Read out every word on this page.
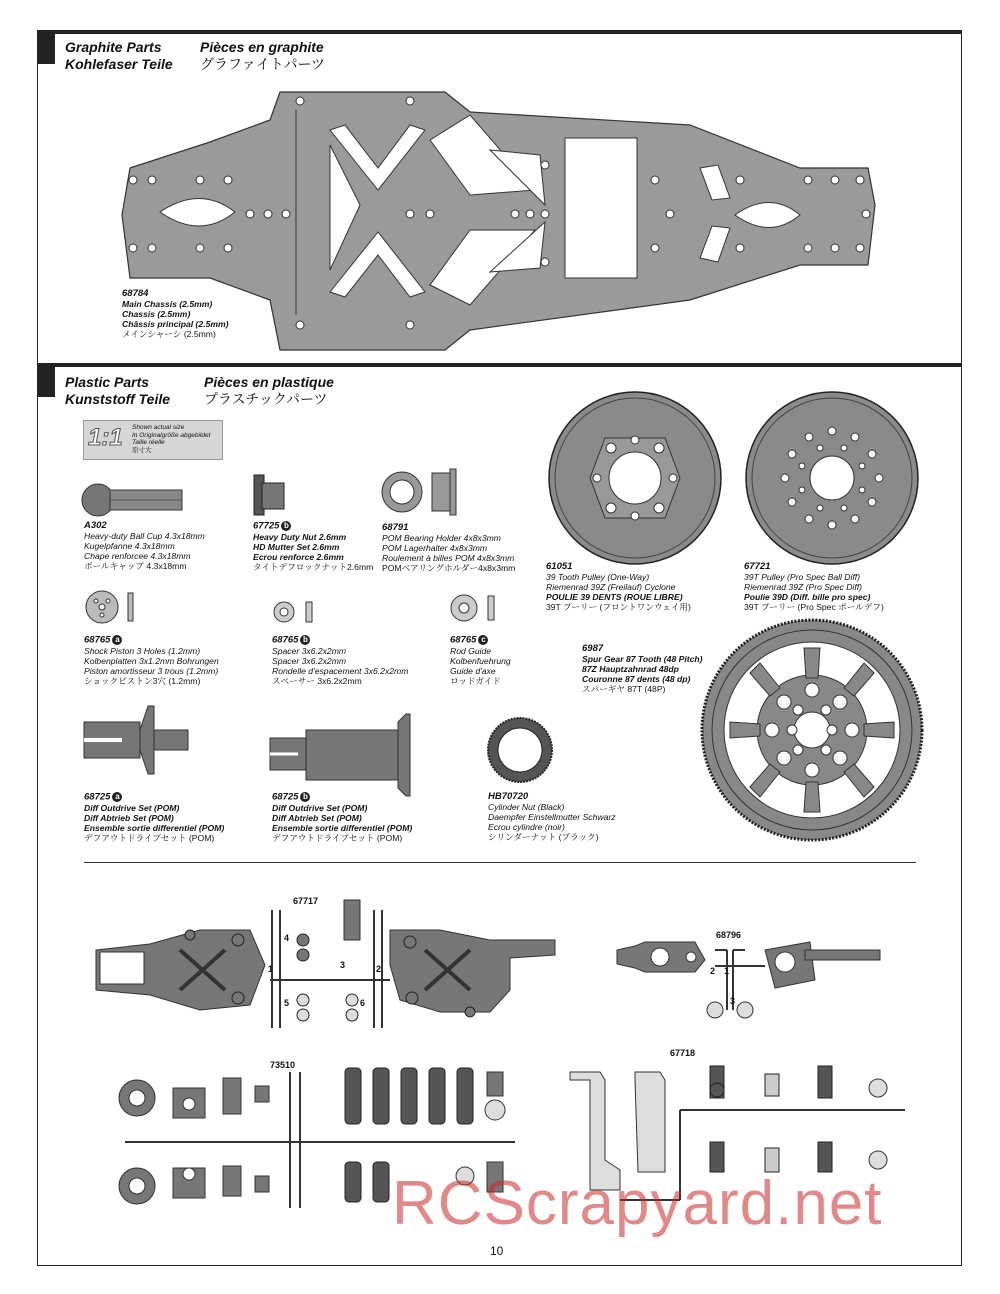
Graphite Parts	Pièces en graphite
Kohlefaser Teile グラファイトパーツ
68784
Main Chassis (2.5mm)
Chassis (2.5mm)
Châssis principal (2.5mm)
メインシャーシ (2.5mm)
Plastic Parts	Pièces en plastique
Kunststoff Teile プラスチックパーツ
1:1 Shown actual size
In Originalgröße abgebildet
Taille réelle
原寸大
A302
Heavy-duty Ball Cup 4.3x18mm
Kugelpfanne 4.3x18mm
Chape renforcee 4.3x18mm
ボールキャップ 4.3x18mm
67725 b
Heavy Duty Nut 2.6mm
HD Mutter Set 2.6mm
Ecrou renforce 2.6mm
タイトデフロックナット2.6mm
68791
POM Bearing Holder 4x8x3mm
POM Lagerhalter 4x8x3mm
Roulement à billes POM 4x8x3mm
POMベアリングホルダー4x8x3mm	61051
39 Tooth Pulley (One-Way)
Riemenrad 39Z (Freilauf) Cyclone
POULIE 39 DENTS (ROUE LIBRE)
39T プーリー (フロントワンウェイ用)
67721
39T Pulley (Pro Spec Ball Diff)
Riemenrad 39Z (Pro Spec Diff)
Poulie 39D (Diff. bille pro spec)
39T プーリー (Pro Spec ボールデフ)
68765 a
Shock Piston 3 Holes (1.2mm)
Kolbenplatten 3x1.2mm Bohrungen
Piston amortisseur 3 trous (1.2mm)
ショックピストン3穴 (1.2mm)
68765 b
Spacer 3x6.2x2mm
Spacer 3x6.2x2mm
Rondelle d'espacement 3x6.2x2mm
スペーサー 3x6.2x2mm
68765 c
Rod Guide
Kolbenfuehrung
Guide d'axe
ロッドガイド
6987
Spur Gear 87 Tooth (48 Pitch)
87Z Hauptzahnrad 48dp
Couronne 87 dents (48 dp)
スパーギヤ 87T (48P)
68725 a
Diff Outdrive Set (POM)
Diff Abtrieb Set (POM)
Ensemble sortie differentiel (POM)
デフアウトドライブセット (POM)
68725 b
Diff Outdrive Set (POM)
Diff Abtrieb Set (POM)
Ensemble sortie differentiel (POM)
デフアウトドライブセット (POM)
HB70720
Cylinder Nut (Black)
Daempfer Einstellmutter Schwarz
Ecrou cylindre (noir)
シリンダーナット (ブラック)
67717
1
4
5
3
6
2
68796
2 1
3
73510
67718
RCScrapyard.net
10
